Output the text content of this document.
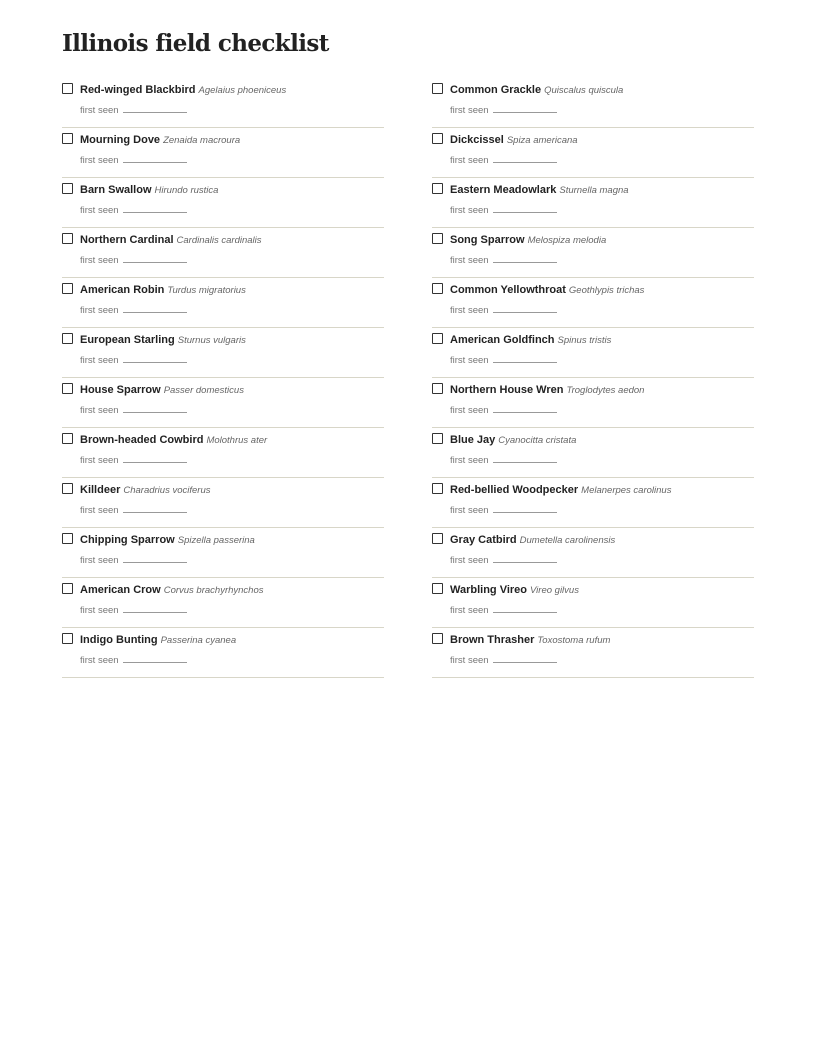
Illinois field checklist
Red-winged Blackbird Agelaius phoeniceus
first seen
Mourning Dove Zenaida macroura
first seen
Barn Swallow Hirundo rustica
first seen
Northern Cardinal Cardinalis cardinalis
first seen
American Robin Turdus migratorius
first seen
European Starling Sturnus vulgaris
first seen
House Sparrow Passer domesticus
first seen
Brown-headed Cowbird Molothrus ater
first seen
Killdeer Charadrius vociferus
first seen
Chipping Sparrow Spizella passerina
first seen
American Crow Corvus brachyrhynchos
first seen
Indigo Bunting Passerina cyanea
first seen
Common Grackle Quiscalus quiscula
first seen
Dickcissel Spiza americana
first seen
Eastern Meadowlark Sturnella magna
first seen
Song Sparrow Melospiza melodia
first seen
Common Yellowthroat Geothlypis trichas
first seen
American Goldfinch Spinus tristis
first seen
Northern House Wren Troglodytes aedon
first seen
Blue Jay Cyanocitta cristata
first seen
Red-bellied Woodpecker Melanerpes carolinus
first seen
Gray Catbird Dumetella carolinensis
first seen
Warbling Vireo Vireo gilvus
first seen
Brown Thrasher Toxostoma rufum
first seen
